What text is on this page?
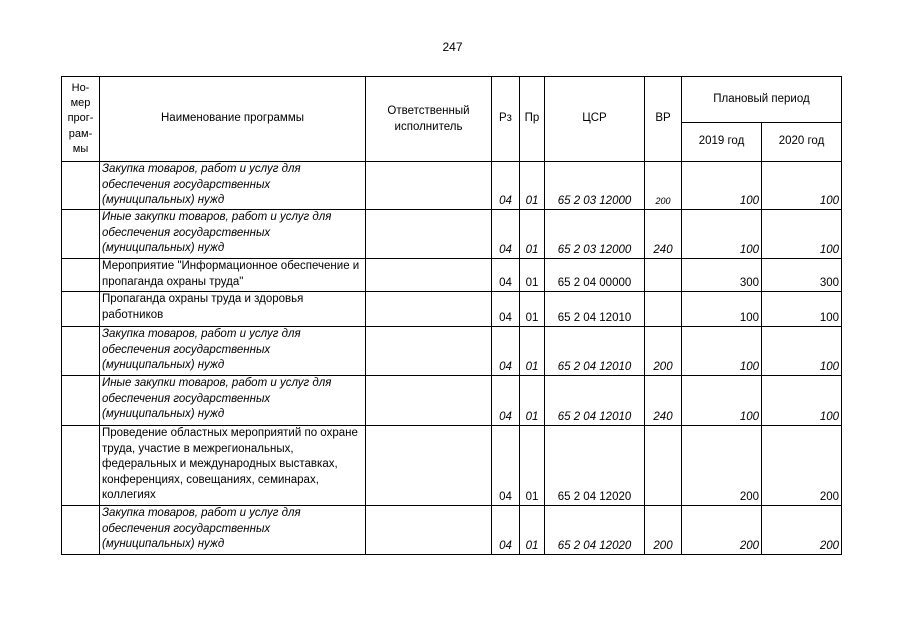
247
Но-
мер
прог-
рам-
мы	Наименование программы	Ответственный исполнитель	Рз	Пр	ЦСР	ВР	Плановый период	
							2019 год	2020 год
	Закупка товаров, работ и услуг для обеспечения государственных (муниципальных) нужд		04	01	65 2 03 12000	200	100	100
	Иные закупки товаров, работ и услуг для обеспечения государственных (муниципальных) нужд		04	01	65 2 03 12000	240	100	100
	Мероприятие "Информационное обеспечение и пропаганда охраны труда"		04	01	65 2 04 00000		300	300
	Пропаганда охраны труда и здоровья работников		04	01	65 2 04 12010		100	100
	Закупка товаров, работ и услуг для обеспечения государственных (муниципальных) нужд		04	01	65 2 04 12010	200	100	100
	Иные закупки товаров, работ и услуг для обеспечения государственных (муниципальных) нужд		04	01	65 2 04 12010	240	100	100
	Проведение областных мероприятий по охране труда, участие в межрегиональных, федеральных и международных выставках, конференциях, совещаниях, семинарах, коллегиях		04	01	65 2 04 12020		200	200
	Закупка товаров, работ и услуг для обеспечения государственных (муниципальных) нужд		04	01	65 2 04 12020	200	200	200
